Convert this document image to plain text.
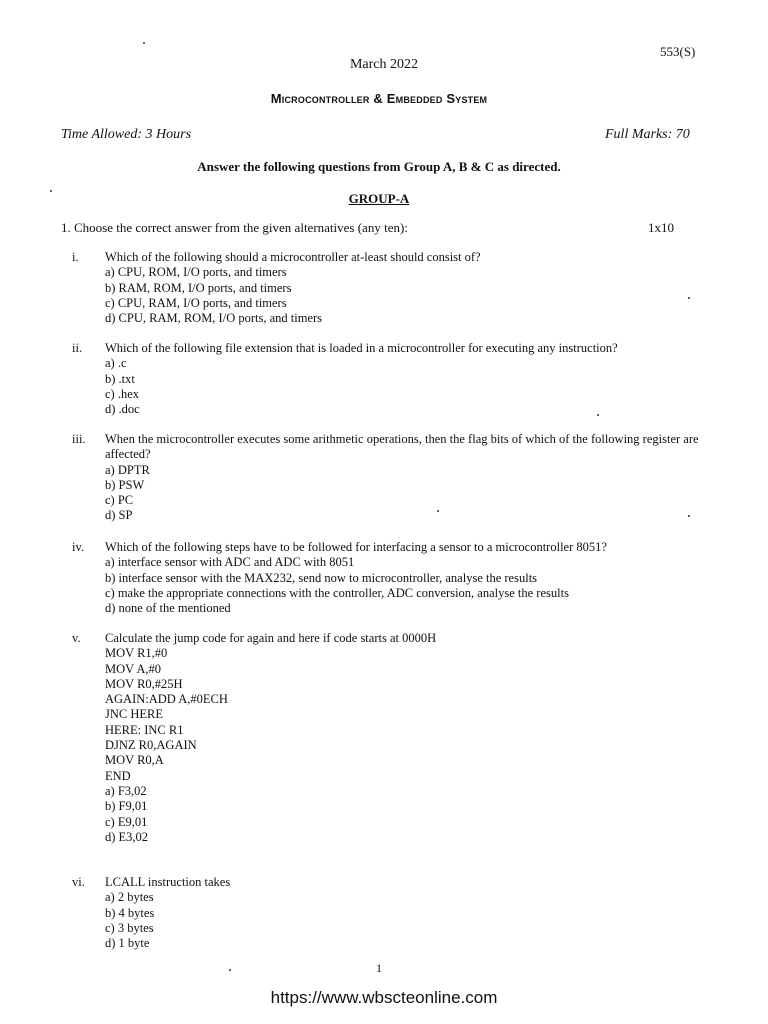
553(S)
March 2022
Microcontroller & Embedded System
Time Allowed: 3 Hours	Full Marks: 70
Answer the following questions from Group A, B & C as directed.
GROUP-A
1. Choose the correct answer from the given alternatives (any ten):	1x10
i. Which of the following should a microcontroller at-least should consist of?
a) CPU, ROM, I/O ports, and timers
b) RAM, ROM, I/O ports, and timers
c) CPU, RAM, I/O ports, and timers
d) CPU, RAM, ROM, I/O ports, and timers
ii. Which of the following file extension that is loaded in a microcontroller for executing any instruction?
a) .c
b) .txt
c) .hex
d) .doc
iii. When the microcontroller executes some arithmetic operations, then the flag bits of which of the following register are affected?
a) DPTR
b) PSW
c) PC
d) SP
iv. Which of the following steps have to be followed for interfacing a sensor to a microcontroller 8051?
a) interface sensor with ADC and ADC with 8051
b) interface sensor with the MAX232, send now to microcontroller, analyse the results
c) make the appropriate connections with the controller, ADC conversion, analyse the results
d) none of the mentioned
v. Calculate the jump code for again and here if code starts at 0000H
MOV R1,#0
MOV A,#0
MOV R0,#25H
AGAIN:ADD A,#0ECH
JNC HERE
HERE: INC R1
DJNZ R0,AGAIN
MOV R0,A
END
a) F3,02
b) F9,01
c) E9,01
d) E3,02
vi. LCALL instruction takes
a) 2 bytes
b) 4 bytes
c) 3 bytes
d) 1 byte
1
https://www.wbscteonline.com
